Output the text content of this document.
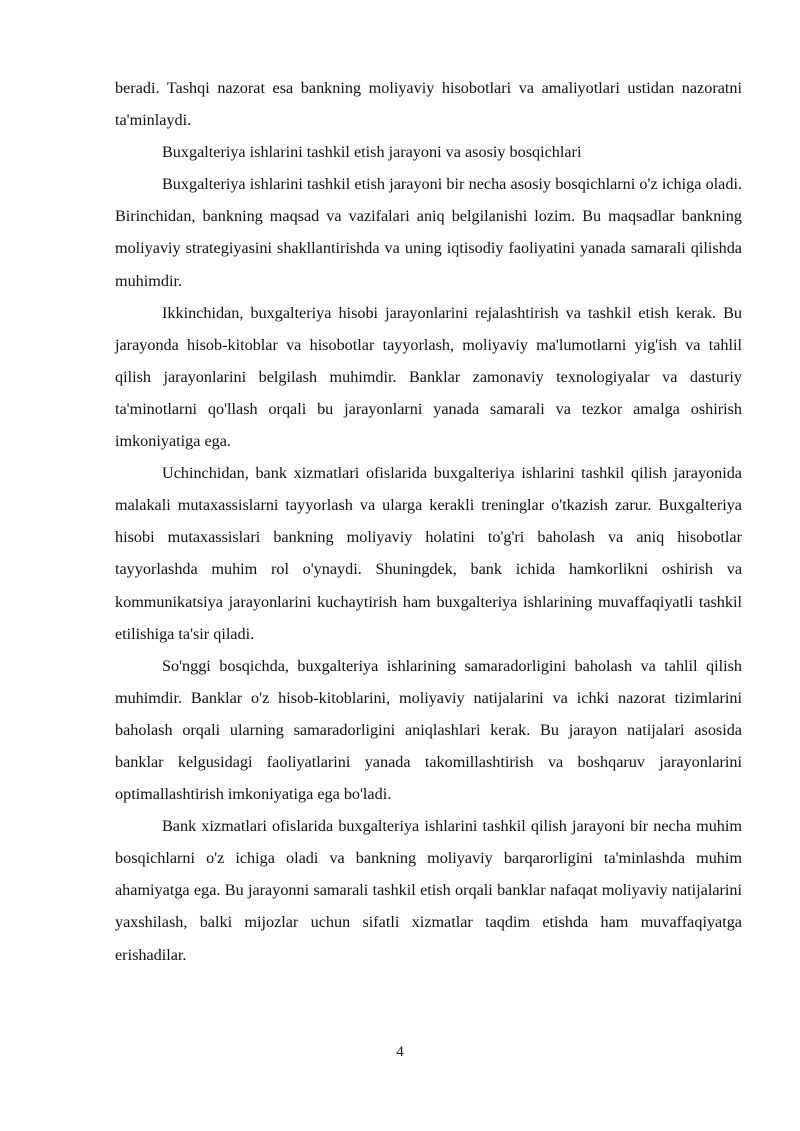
beradi. Tashqi nazorat esa bankning moliyaviy hisobotlari va amaliyotlari ustidan nazoratni ta'minlaydi.

Buxgalteriya ishlarini tashkil etish jarayoni va asosiy bosqichlari

Buxgalteriya ishlarini tashkil etish jarayoni bir necha asosiy bosqichlarni o'z ichiga oladi. Birinchidan, bankning maqsad va vazifalari aniq belgilanishi lozim. Bu maqsadlar bankning moliyaviy strategiyasini shakllantirishda va uning iqtisodiy faoliyatini yanada samarali qilishda muhimdir.

Ikkinchidan, buxgalteriya hisobi jarayonlarini rejalashtirish va tashkil etish kerak. Bu jarayonda hisob-kitoblar va hisobotlar tayyorlash, moliyaviy ma'lumotlarni yig'ish va tahlil qilish jarayonlarini belgilash muhimdir. Banklar zamonaviy texnologiyalar va dasturiy ta'minotlarni qo'llash orqali bu jarayonlarni yanada samarali va tezkor amalga oshirish imkoniyatiga ega.

Uchinchidan, bank xizmatlari ofislarida buxgalteriya ishlarini tashkil qilish jarayonida malakali mutaxassislarni tayyorlash va ularga kerakli treninglar o'tkazish zarur. Buxgalteriya hisobi mutaxassislari bankning moliyaviy holatini to'g'ri baholash va aniq hisobotlar tayyorlashda muhim rol o'ynaydi. Shuningdek, bank ichida hamkorlikni oshirish va kommunikatsiya jarayonlarini kuchaytirish ham buxgalteriya ishlarining muvaffaqiyatli tashkil etilishiga ta'sir qiladi.

So'nggi bosqichda, buxgalteriya ishlarining samaradorligini baholash va tahlil qilish muhimdir. Banklar o'z hisob-kitoblarini, moliyaviy natijalarini va ichki nazorat tizimlarini baholash orqali ularning samaradorligini aniqlashlari kerak. Bu jarayon natijalari asosida banklar kelgusidagi faoliyatlarini yanada takomillashtirish va boshqaruv jarayonlarini optimallashtirish imkoniyatiga ega bo'ladi.

Bank xizmatlari ofislarida buxgalteriya ishlarini tashkil qilish jarayoni bir necha muhim bosqichlarni o'z ichiga oladi va bankning moliyaviy barqarorligini ta'minlashda muhim ahamiyatga ega. Bu jarayonni samarali tashkil etish orqali banklar nafaqat moliyaviy natijalarini yaxshilash, balki mijozlar uchun sifatli xizmatlar taqdim etishda ham muvaffaqiyatga erishadilar.

4
